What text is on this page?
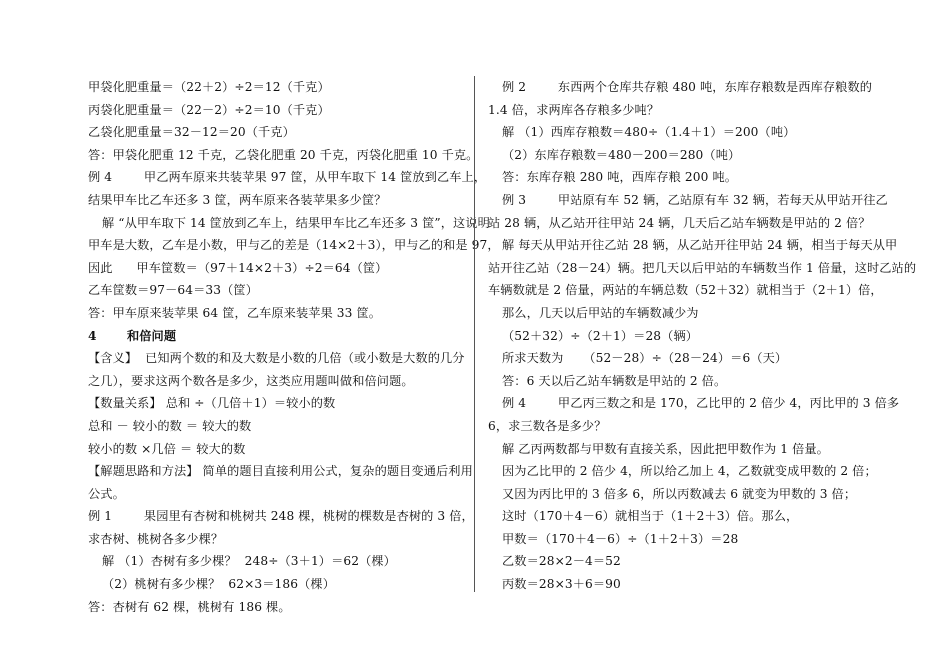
甲袋化肥重量＝（22＋2）÷2＝12（千克）
丙袋化肥重量＝（22－2）÷2＝10（千克）
乙袋化肥重量＝32－12＝20（千克）
答：甲袋化肥重 12 千克，乙袋化肥重 20 千克，丙袋化肥重 10 千克。
例 4        甲乙两车原来共装苹果 97 筐，从甲车取下 14 筐放到乙车上，
结果甲车比乙车还多 3 筐，两车原来各装苹果多少筐？
解 “从甲车取下 14 筐放到乙车上，结果甲车比乙车还多 3 筐”，这说明
甲车是大数，乙车是小数，甲与乙的差是（14×2＋3），甲与乙的和是 97，
因此      甲车筐数＝（97＋14×2＋3）÷2＝64（筐）
乙车筐数＝97－64＝33（筐）
答：甲车原来装苹果 64 筐，乙车原来装苹果 33 筐。
4       和倍问题
【含义】  已知两个数的和及大数是小数的几倍（或小数是大数的几分
之几），要求这两个数各是多少，这类应用题叫做和倍问题。
【数量关系】 总和 ÷（几倍＋1）＝较小的数
总和 － 较小的数 ＝ 较大的数
较小的数 ×几倍 ＝ 较大的数
【解题思路和方法】 简单的题目直接利用公式，复杂的题目变通后利用
公式。
例 1        果园里有杏树和桃树共 248 棵，桃树的棵数是杏树的 3 倍，
求杏树、桃树各多少棵？
解 （1）杏树有多少棵？  248÷（3＋1）＝62（棵）
（2）桃树有多少棵？  62×3＝186（棵）
答：杏树有 62 棵，桃树有 186 棵。
例 2        东西两个仓库共存粮 480 吨，东库存粮数是西库存粮数的
1.4 倍，求两库各存粮多少吨？
解 （1）西库存粮数＝480÷（1.4＋1）＝200（吨）
（2）东库存粮数＝480－200＝280（吨）
答：东库存粮 280 吨，西库存粮 200 吨。
例 3        甲站原有车 52 辆，乙站原有车 32 辆，若每天从甲站开往乙
站 28 辆，从乙站开往甲站 24 辆，几天后乙站车辆数是甲站的 2 倍？
解 每天从甲站开往乙站 28 辆，从乙站开往甲站 24 辆，相当于每天从甲
站开往乙站（28－24）辆。把几天以后甲站的车辆数当作 1 倍量，这时乙站的
车辆数就是 2 倍量，两站的车辆总数（52＋32）就相当于（2＋1）倍，
那么，几天以后甲站的车辆数减少为
（52＋32）÷（2＋1）＝28（辆）
所求天数为     （52－28）÷（28－24）＝6（天）
答：6 天以后乙站车辆数是甲站的 2 倍。
例 4        甲乙丙三数之和是 170，乙比甲的 2 倍少 4，丙比甲的 3 倍多
6，求三数各是多少？
解 乙丙两数都与甲数有直接关系，因此把甲数作为 1 倍量。
因为乙比甲的 2 倍少 4，所以给乙加上 4，乙数就变成甲数的 2 倍；
又因为丙比甲的 3 倍多 6，所以丙数减去 6 就变为甲数的 3 倍；
这时（170＋4－6）就相当于（1＋2＋3）倍。那么，
甲数＝（170＋4－6）÷（1＋2＋3）＝28
乙数＝28×2－4＝52
丙数＝28×3＋6＝90
